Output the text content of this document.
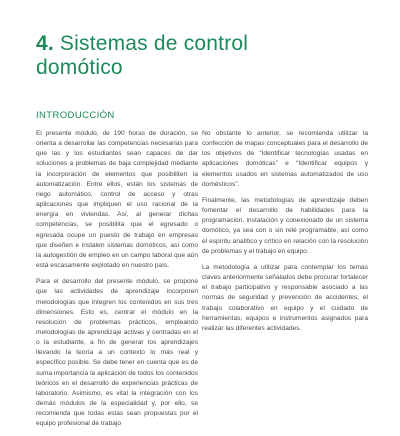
4. Sistemas de control domótico
INTRODUCCIÓN

El presente módulo, de 190 horas de duración, se orienta a desarrollar las competencias necesarias para que las y los estudiantes sean capaces de dar soluciones a problemas de baja complejidad mediante la incorporación de elementos que posibiliten la automatización. Entre ellos, están los sistemas de riego automático, control de acceso y otras aplicaciones que impliquen el uso racional de la energía en viviendas. Así, al generar dichas competencias, se posibilita que el egresado o egresada ocupe un puesto de trabajo en empresas que diseñen e instalen sistemas domóticos, así como la autogestión de empleo en un campo laboral que aún está escasamente explotado en nuestro país.

Para el desarrollo del presente módulo, se propone que las actividades de aprendizaje incorporen metodologías que integren los contenidos en sus tres dimensiones. Esto es, centrar el módulo en la resolución de problemas prácticos, empleando metodologías de aprendizaje activas y centradas en el o la estudiante, a fin de generar los aprendizajes llevando la teoría a un contexto lo más real y específico posible. Se debe tener en cuenta que es de suma importancia la aplicación de todos los contenidos teóricos en el desarrollo de experiencias prácticas de laboratorio. Asimismo, es vital la integración con los demás módulos de la especialidad y, por ello, se recomienda que todas estas sean propuestas por el equipo profesional de trabajo

No obstante lo anterior, se recomienda utilizar la confección de mapas conceptuales para el desarrollo de los objetivos de “Identificar tecnologías usadas en aplicaciones domóticas” e “Identificar equipos y elementos usados en sistemas automatizados de uso domésticos”.

Finalmente, las metodologías de aprendizaje deben fomentar el desarrollo de habilidades para la programación, instalación y conexionado de un sistema domótico, ya sea con o sin relé programable, así como el espíritu analítico y crítico en relación con la resolución de problemas y el trabajo en equipo.

La metodología a utilizar para contemplar los temas claves anteriormente señalados debe procurar fortalecer el trabajo participativo y responsable asociado a las normas de seguridad y prevención de accidentes, el trabajo colaborativo en equipo y el cuidado de herramientas, equipos e instrumentos asignados para realizar las diferentes actividades.
